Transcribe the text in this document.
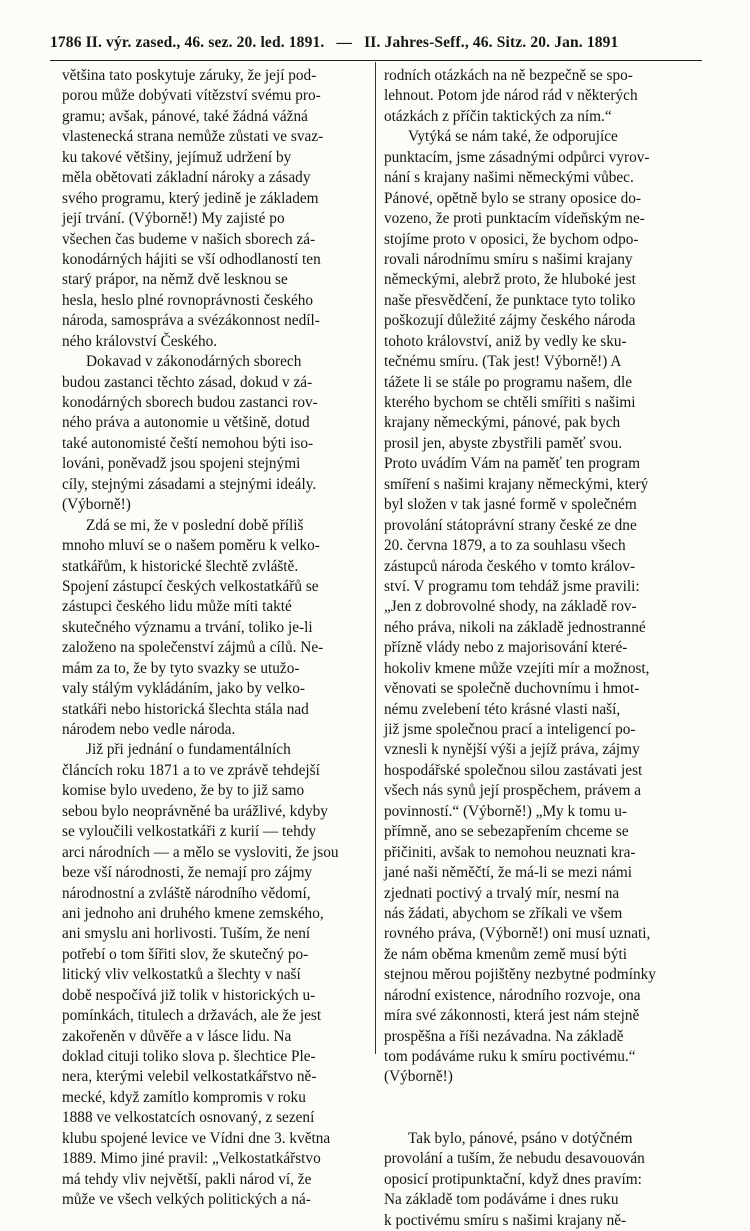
1786 II. výr. zased., 46. sez. 20. led. 1891. — II. Jahres-Seff., 46. Sitz. 20. Jan. 1891
většina tato poskytuje záruky, že její pod-
porou může dobývati vítězství svému pro-
gramu; avšak, pánové, také žádná vážná
vlastenecká strana nemůže zůstati ve svaz-
ku takové většiny, jejímuž udržení by
měla obětovati základní nároky a zásady
svého programu, který jedině je základem
její trvání. (Výborně!) My zajisté po
všechen čas budeme v našich sborech zá-
konodárných hájiti se vší odhodlaností ten
starý prápor, na němž dvě lesknou se
hesla, heslo plné rovnoprávnosti českého
národa, samospráva a svézákonnost nedíl-
ného království Českého.
Dokavad v zákonodárných sborech
budou zastanci těchto zásad, dokud v zá-
konodárných sborech budou zastanci rov-
ného práva a autonomie u většině, dotud
také autonomisté čeští nemohou býti iso-
lováni, poněvadž jsou spojeni stejnými
cíly, stejnými zásadami a stejnými ideály.
(Výborně!)
Zdá se mi, že v poslední době příliš
mnoho mluví se o našem poměru k velko-
statkářům, k historické šlechtě zvláště.
Spojení zástupcí českých velkostatkářů se
zástupci českého lidu může míti takté
skutečného významu a trvání, toliko je-li
založeno na společenství zájmů a cílů. Ne-
mám za to, že by tyto svazky se utužo-
valy stálým vykládáním, jako by velko-
statkáři nebo historická šlechta stála nad
národem nebo vedle národa.
Již při jednání o fundamentálních
článcích roku 1871 a to ve zprávě tehdejší
komise bylo uvedeno, že by to již samo
sebou bylo neoprávněné ba urážlivé, kdyby
se vyloučili velkostatkáři z kurií — tehdy
arci národních — a mělo se vysloviti, že jsou
beze vší národnosti, že nemají pro zájmy
národnostní a zvláště národního vědomí,
ani jednoho ani druhého kmene zemského,
ani smyslu ani horlivosti. Tuším, že není
potřebí o tom šířiti slov, že skutečný po-
litický vliv velkostatků a šlechty v naší
době nespočívá již tolik v historických u-
pomínkách, titulech a državách, ale že jest
zakořeněn v důvěře a v lásce lidu. Na
doklad cituji toliko slova p. šlechtice Ple-
nera, kterými velebil velkostatkářstvo ně-
mecké, když zamítlo kompromis v roku
1888 ve velkostatcích osnovaný, z sezení
klubu spojené levice ve Vídni dne 3. května
1889. Mimo jiné pravil: „Velkostatkářstvo
má tehdy vliv největší, pakli národ ví, že
může ve všech velkých politických a ná-
rodních otázkách na ně bezpečně se spo-
lehnout. Potom jde národ rád v některých
otázkách z příčin taktických za ním.“
Vytýká se nám také, že odporujíce
punktacím, jsme zásadnými odpůrci vyrov-
nání s krajany našimi německými vůbec.
Pánové, opětně bylo se strany oposice do-
vozeno, že proti punktacím vídeňským ne-
stojíme proto v oposici, že bychom odpo-
rovali národnímu smíru s našimi krajany
německými, alebrž proto, že hluboké jest
naše přesvědčení, že punktace tyto toliko
poškozují důležité zájmy českého národa
tohoto království, aniž by vedly ke sku-
tečnému smíru. (Tak jest! Výborně!) A
tážete li se stále po programu našem, dle
kterého bychom se chtěli smířiti s našimi
krajany německými, pánové, pak bych
prosil jen, abyste zbystřili paměť svou.
Proto uvádím Vám na paměť ten program
smíření s našimi krajany německými, který
byl složen v tak jasné formě v společném
provolání státoprávní strany české ze dne
20. června 1879, a to za souhlasu všech
zástupců národa českého v tomto králov-
ství. V programu tom tehdáž jsme pravili:
„Jen z dobrovolné shody, na základě rov-
ného práva, nikoli na základě jednostranné
přízně vlády nebo z majorisování které-
hokoliv kmene může vzejíti mír a možnost,
věnovati se společně duchovnímu i hmot-
nému zvelebení této krásné vlasti naší,
již jsme společnou prací a inteligencí po-
vznesli k nynější výši a jejíž práva, zájmy
hospodářské společnou silou zastávati jest
všech nás synů její prospěchem, právem a
povinností.“ (Výborně!) „My k tomu u-
přímně, ano se sebezapřením chceme se
přičiniti, avšak to nemohou neuznati kra-
jané naši něměčtí, že má-li se mezi námi
zjednati poctivý a trvalý mír, nesmí na
nás žádati, abychom se zříkali ve všem
rovného práva, (Výborně!) oni musí uznati,
že nám oběma kmenům země musí býti
stejnou měrou pojištěny nezbytné podmínky
národní existence, národního rozvoje, ona
míra své zákonnosti, která jest nám stejně
prospěšna a říši nezávadna. Na základě
tom podáváme ruku k smíru poctivému.“
(Výborně!)
Tak bylo, pánové, psáno v dotýčném
provolání a tuším, že nebudu desavouován
oposicí protipunktační, když dnes pravím:
Na základě tom podáváme i dnes ruku
k poctivému smíru s našimi krajany ně-
